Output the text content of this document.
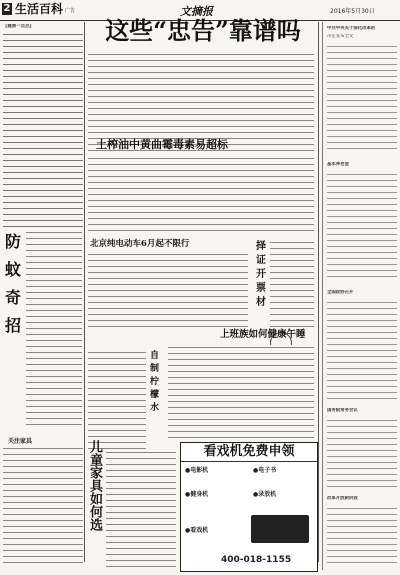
2 生活百科 广告	文摘报	2016年5月30日
【健康一点点】	这些“忠告”靠谱吗
土榨油中黄曲霉毒素易超标
防
蚊
奇
招
北京纯电动车6月起不限行	择
证
开
票
材
自
制
柠
檬
水
上班族如何健康午睡
儿童家具如何选
关注家具
看戏机免费申领
●电影机	●电子书
●健身机	●录放机
●看戏机
400-018-1155
中共中央关于深化改革的
决定发布全文
基本养老金
全国政协召开
国务院常务会议
改革开放新阶段
